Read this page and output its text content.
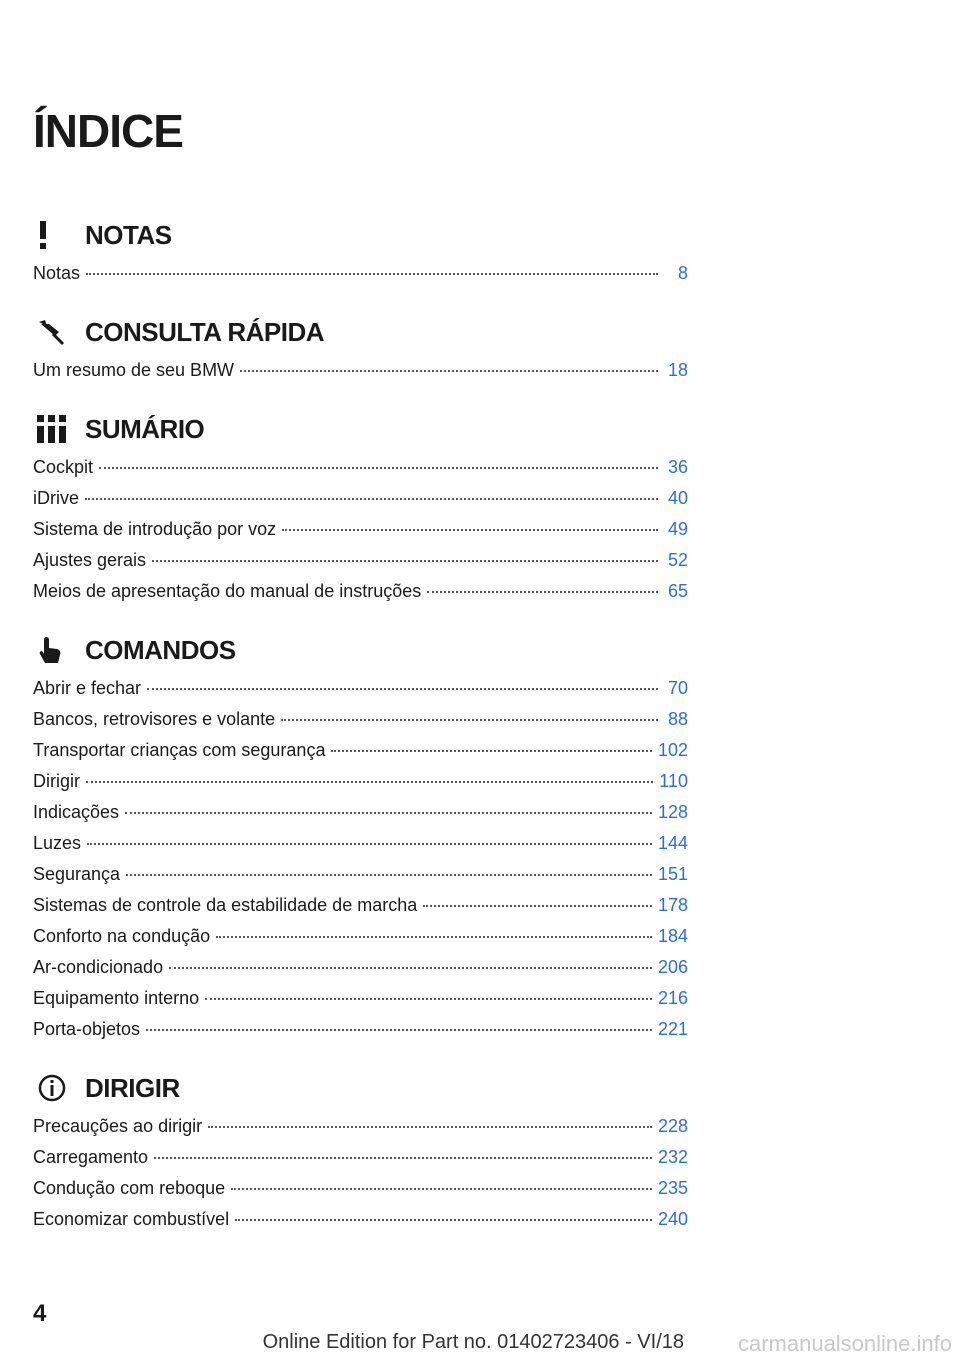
ÍNDICE
NOTAS
Notas	8
CONSULTA RÁPIDA
Um resumo de seu BMW	18
SUMÁRIO
Cockpit	36
iDrive	40
Sistema de introdução por voz	49
Ajustes gerais	52
Meios de apresentação do manual de instruções	65
COMANDOS
Abrir e fechar	70
Bancos, retrovisores e volante	88
Transportar crianças com segurança	102
Dirigir	110
Indicações	128
Luzes	144
Segurança	151
Sistemas de controle da estabilidade de marcha	178
Conforto na condução	184
Ar-condicionado	206
Equipamento interno	216
Porta-objetos	221
DIRIGIR
Precauções ao dirigir	228
Carregamento	232
Condução com reboque	235
Economizar combustível	240
4
Online Edition for Part no. 01402723406 - VI/18 carmanualsonline.info
